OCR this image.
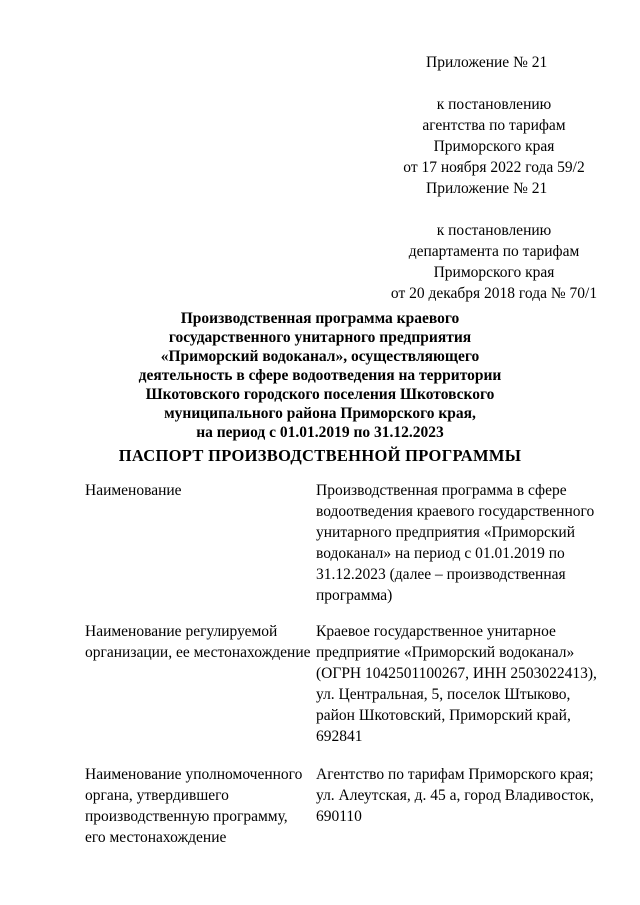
Приложение № 21
к постановлению
агентства по тарифам
Приморского края
от 17 ноября 2022 года 59/2
Приложение № 21
к постановлению
департамента по тарифам
Приморского края
от 20 декабря 2018 года № 70/1
Производственная программа краевого
государственного унитарного предприятия
«Приморский водоканал», осуществляющего
деятельность в сфере водоотведения на территории
Шкотовского городского поселения Шкотовского
муниципального района Приморского края,
на период с 01.01.2019 по 31.12.2023
ПАСПОРТ ПРОИЗВОДСТВЕННОЙ ПРОГРАММЫ
Наименование	Производственная программа в сфере
водоотведения краевого государственного
унитарного предприятия «Приморский
водоканал» на период с 01.01.2019 по
31.12.2023 (далее – производственная
программа)
Наименование регулируемой
организации, ее местонахождение
Краевое государственное унитарное
предприятие «Приморский водоканал»
(ОГРН 1042501100267, ИНН 2503022413),
ул. Центральная, 5, поселок Штыково,
район Шкотовский, Приморский край,
692841
Наименование уполномоченного
органа, утвердившего
производственную программу,
его местонахождение
Агентство по тарифам Приморского края;
ул. Алеутская, д. 45 а, город Владивосток,
690110
